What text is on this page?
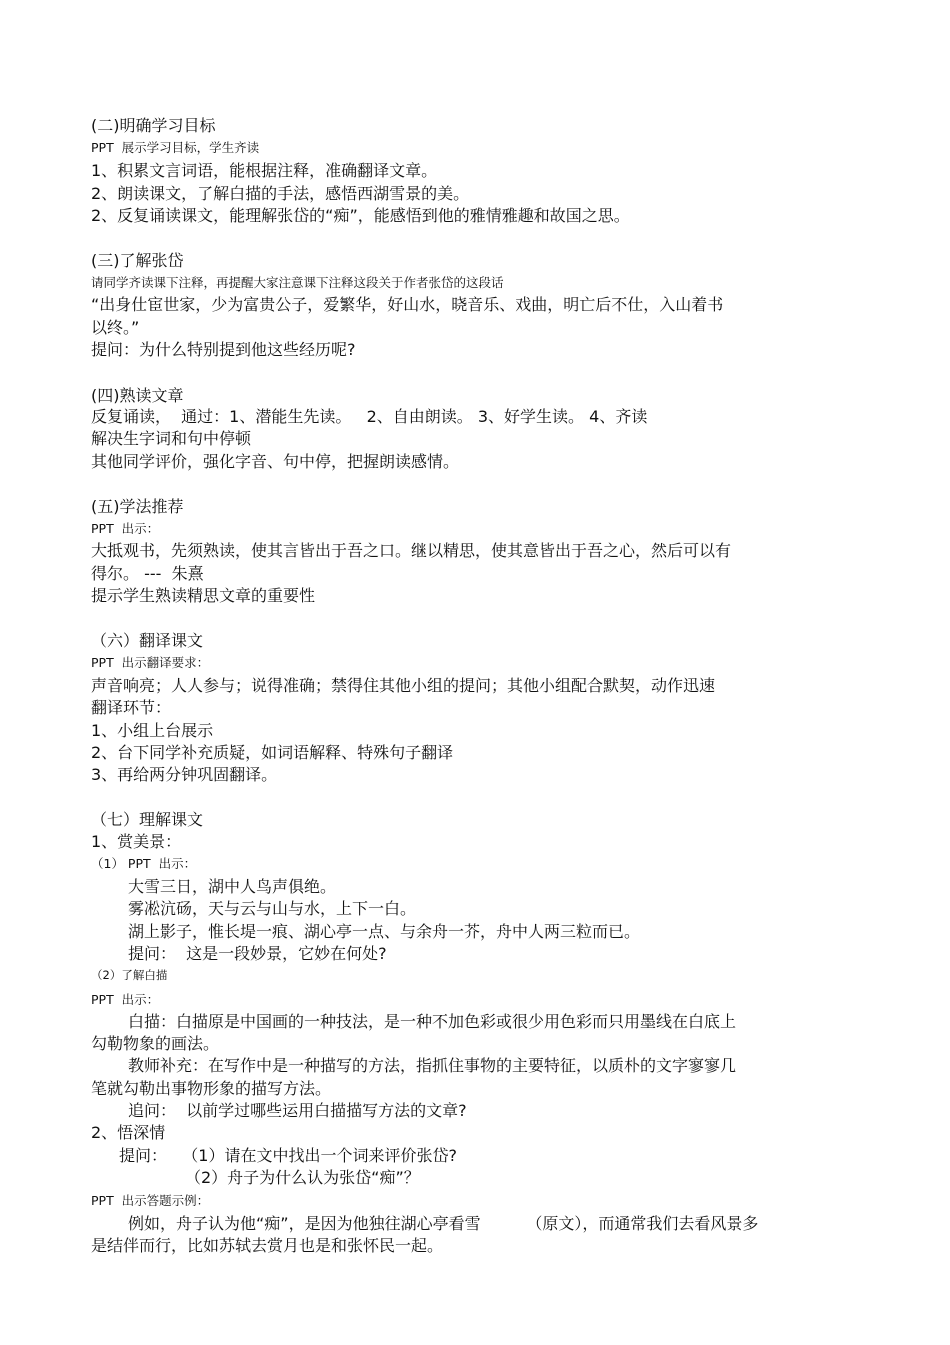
(二)明确学习目标
PPT  展示学习目标，学生齐读
1、积累文言词语，能根据注释，准确翻译文章。
2、朗读课文，了解白描的手法，感悟西湖雪景的美。
2、反复诵读课文，能理解张岱的“痴”，能感悟到他的雅情雅趣和故国之思。
(三)了解张岱
请同学齐读课下注释，再提醒大家注意课下注释这段关于作者张岱的这段话
“出身仕宦世家，少为富贵公子，爱繁华，好山水，晓音乐、戏曲，明亡后不仕，入山着书
以终。”
提问：为什么特别提到他这些经历呢?
(四)熟读文章
反复诵读，  通过：1、潜能生先读。   2、自由朗读。 3、好学生读。 4、齐读
解决生字词和句中停顿
其他同学评价，强化字音、句中停，把握朗读感情。
(五)学法推荐
PPT  出示：
大抵观书，先须熟读，使其言皆出于吾之口。继以精思，使其意皆出于吾之心，然后可以有
得尔。 ---  朱熹
提示学生熟读精思文章的重要性
（六）翻译课文
PPT  出示翻译要求：
声音响亮；人人参与；说得准确；禁得住其他小组的提问；其他小组配合默契，动作迅速
翻译环节：
1、小组上台展示
2、台下同学补充质疑，如词语解释、特殊句子翻译
3、再给两分钟巩固翻译。
（七）理解课文
1、赏美景：
（1） PPT  出示：
大雪三日，湖中人鸟声俱绝。
雾凇沆砀，天与云与山与水，上下一白。
湖上影子，惟长堤一痕、湖心亭一点、与余舟一芥，舟中人两三粒而已。
提问：  这是一段妙景，它妙在何处?
（2）了解白描
PPT  出示：
白描：白描原是中国画的一种技法，是一种不加色彩或很少用色彩而只用墨线在白底上
勾勒物象的画法。
教师补充：在写作中是一种描写的方法，指抓住事物的主要特征，以质朴的文字寥寥几
笔就勾勒出事物形象的描写方法。
追问：  以前学过哪些运用白描描写方法的文章?
2、悟深情
提问：   （1）请在文中找出一个词来评价张岱?
（2）舟子为什么认为张岱“痴”？
PPT  出示答题示例：
例如，舟子认为他“痴”，是因为他独往湖心亭看雪         （原文），而通常我们去看风景多
是结伴而行，比如苏轼去赏月也是和张怀民一起。
